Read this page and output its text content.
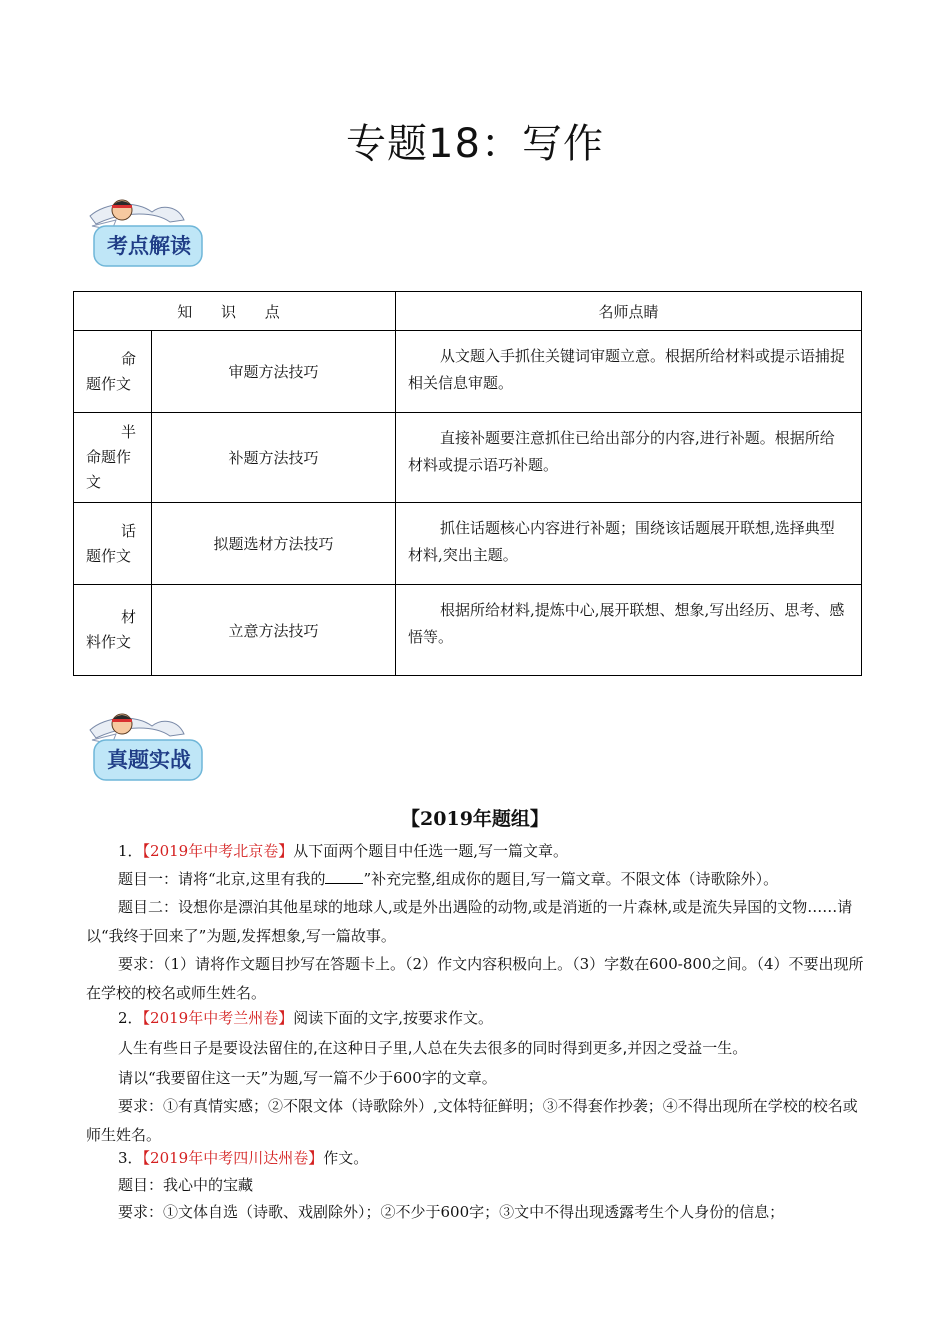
专题18：写作
考点解读
知 识 点		名师点睛

命
题作文	审题方法技巧	从文题入手抓住关键词审题立意。根据所给材料或提示语捕捉相关信息审题。

半
命题作文	补题方法技巧	直接补题要注意抓住已给出部分的内容,进行补题。根据所给材料或提示语巧补题。

话
题作文	拟题选材方法技巧	抓住话题核心内容进行补题；围绕该话题展开联想,选择典型材料,突出主题。

材
料作文	立意方法技巧	根据所给材料,提炼中心,展开联想、想象,写出经历、思考、感悟等。
真题实战
【2019年题组】
1．【2019年中考北京卷】从下面两个题目中任选一题,写一篇文章。
题目一：请将“北京,这里有我的	”补充完整,组成你的题目,写一篇文章。不限文体（诗歌除外）。
题目二：设想你是漂泊其他星球的地球人,或是外出遇险的动物,或是消逝的一片森林,或是流失异国的文物……请以“我终于回来了”为题,发挥想象,写一篇故事。
要求：（1）请将作文题目抄写在答题卡上。（2）作文内容积极向上。（3）字数在600-800之间。（4）不要出现所在学校的校名或师生姓名。
2．【2019年中考兰州卷】阅读下面的文字,按要求作文。
人生有些日子是要设法留住的,在这种日子里,人总在失去很多的同时得到更多,并因之受益一生。
请以“我要留住这一天”为题,写一篇不少于600字的文章。
要求：①有真情实感；②不限文体（诗歌除外）,文体特征鲜明；③不得套作抄袭；④不得出现所在学校的校名或师生姓名。
3．【2019年中考四川达州卷】作文。
题目：我心中的宝藏
要求：①文体自选（诗歌、戏剧除外）；②不少于600字；③文中不得出现透露考生个人身份的信息；
